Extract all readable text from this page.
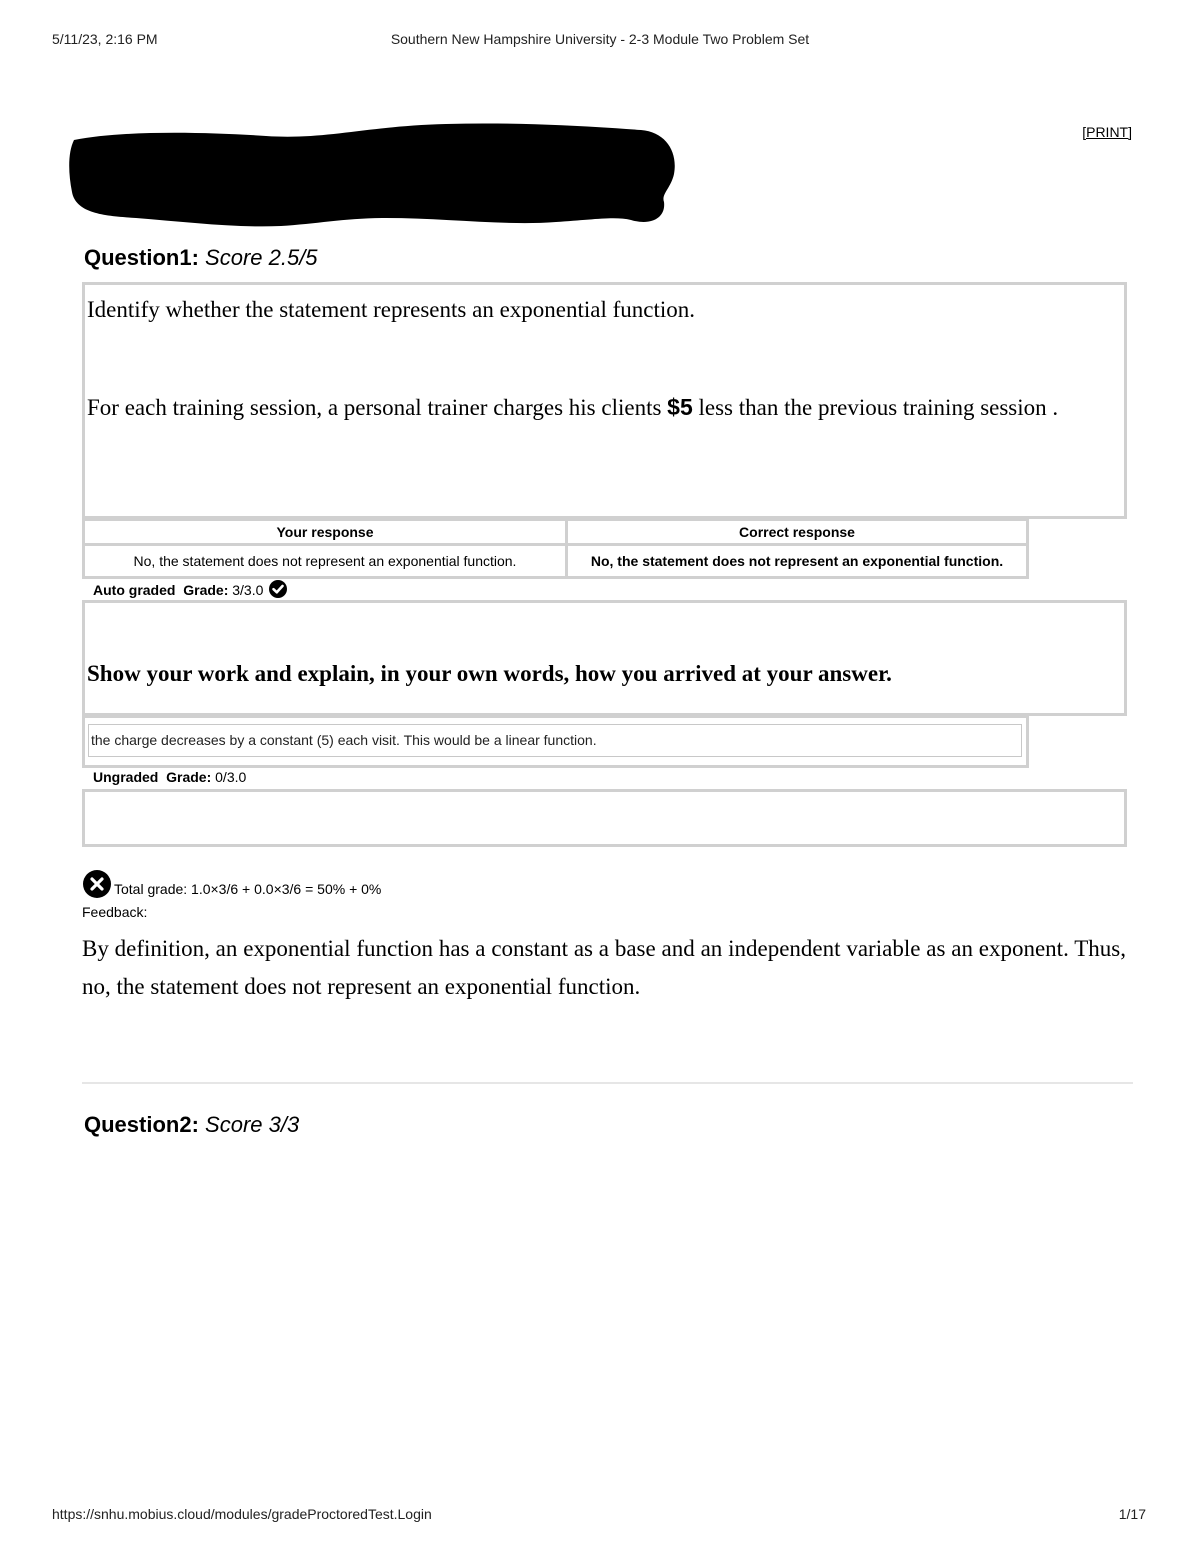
5/11/23, 2:16 PM	Southern New Hampshire University - 2-3 Module Two Problem Set
[PRINT]
Question1: Score 2.5/5
Identify whether the statement represents an exponential function.
For each training session, a personal trainer charges his clients $5 less than the previous training session .
Your response	Correct response
No, the statement does not represent an exponential function.	No, the statement does not represent an exponential function.
Auto graded Grade: 3/3.0
Show your work and explain, in your own words, how you arrived at your answer.
the charge decreases by a constant (5) each visit. This would be a linear function.
Ungraded Grade: 0/3.0
Total grade: 1.0×3/6 + 0.0×3/6 = 50% + 0%
Feedback:
By definition, an exponential function has a constant as a base and an independent variable as an exponent. Thus, no, the statement does not represent an exponential function.
Question2: Score 3/3
https://snhu.mobius.cloud/modules/gradeProctoredTest.Login	1/17
